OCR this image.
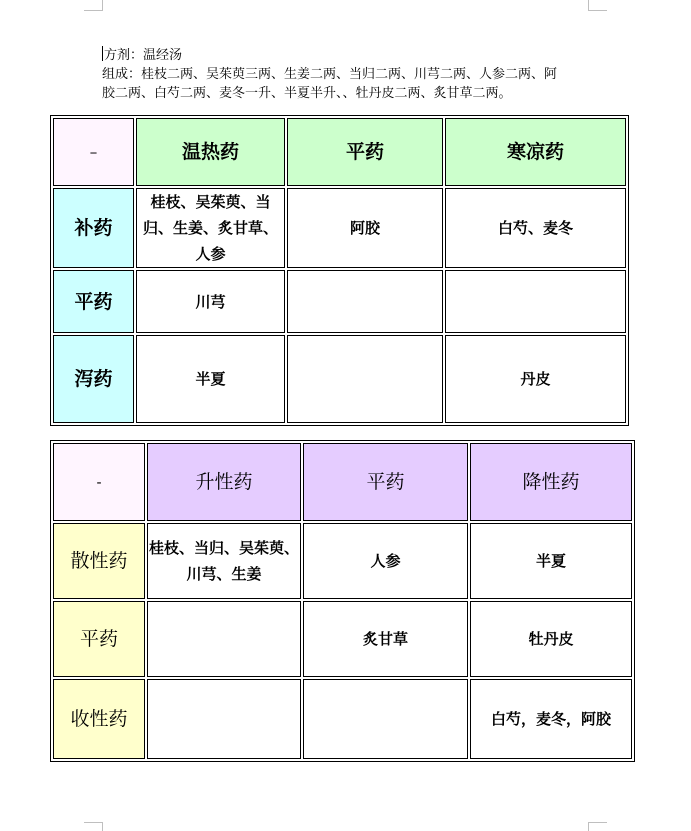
方剂：温经汤
组成：桂枝二两、吴茱萸三两、生姜二两、当归二两、川芎二两、人参二两、阿
胶二两、白芍二两、麦冬一升、半夏半升、、牡丹皮二两、炙甘草二两。
–	温热药	平药	寒凉药
补药	桂枝、吴茱萸、当归、生姜、炙甘草、人参	阿胶	白芍、麦冬
平药	川芎		
泻药	半夏		丹皮
-	升性药	平药	降性药
散性药	桂枝、当归、吴茱萸、川芎、生姜	人参	半夏
平药		炙甘草	牡丹皮
收性药			白芍，麦冬，阿胶
